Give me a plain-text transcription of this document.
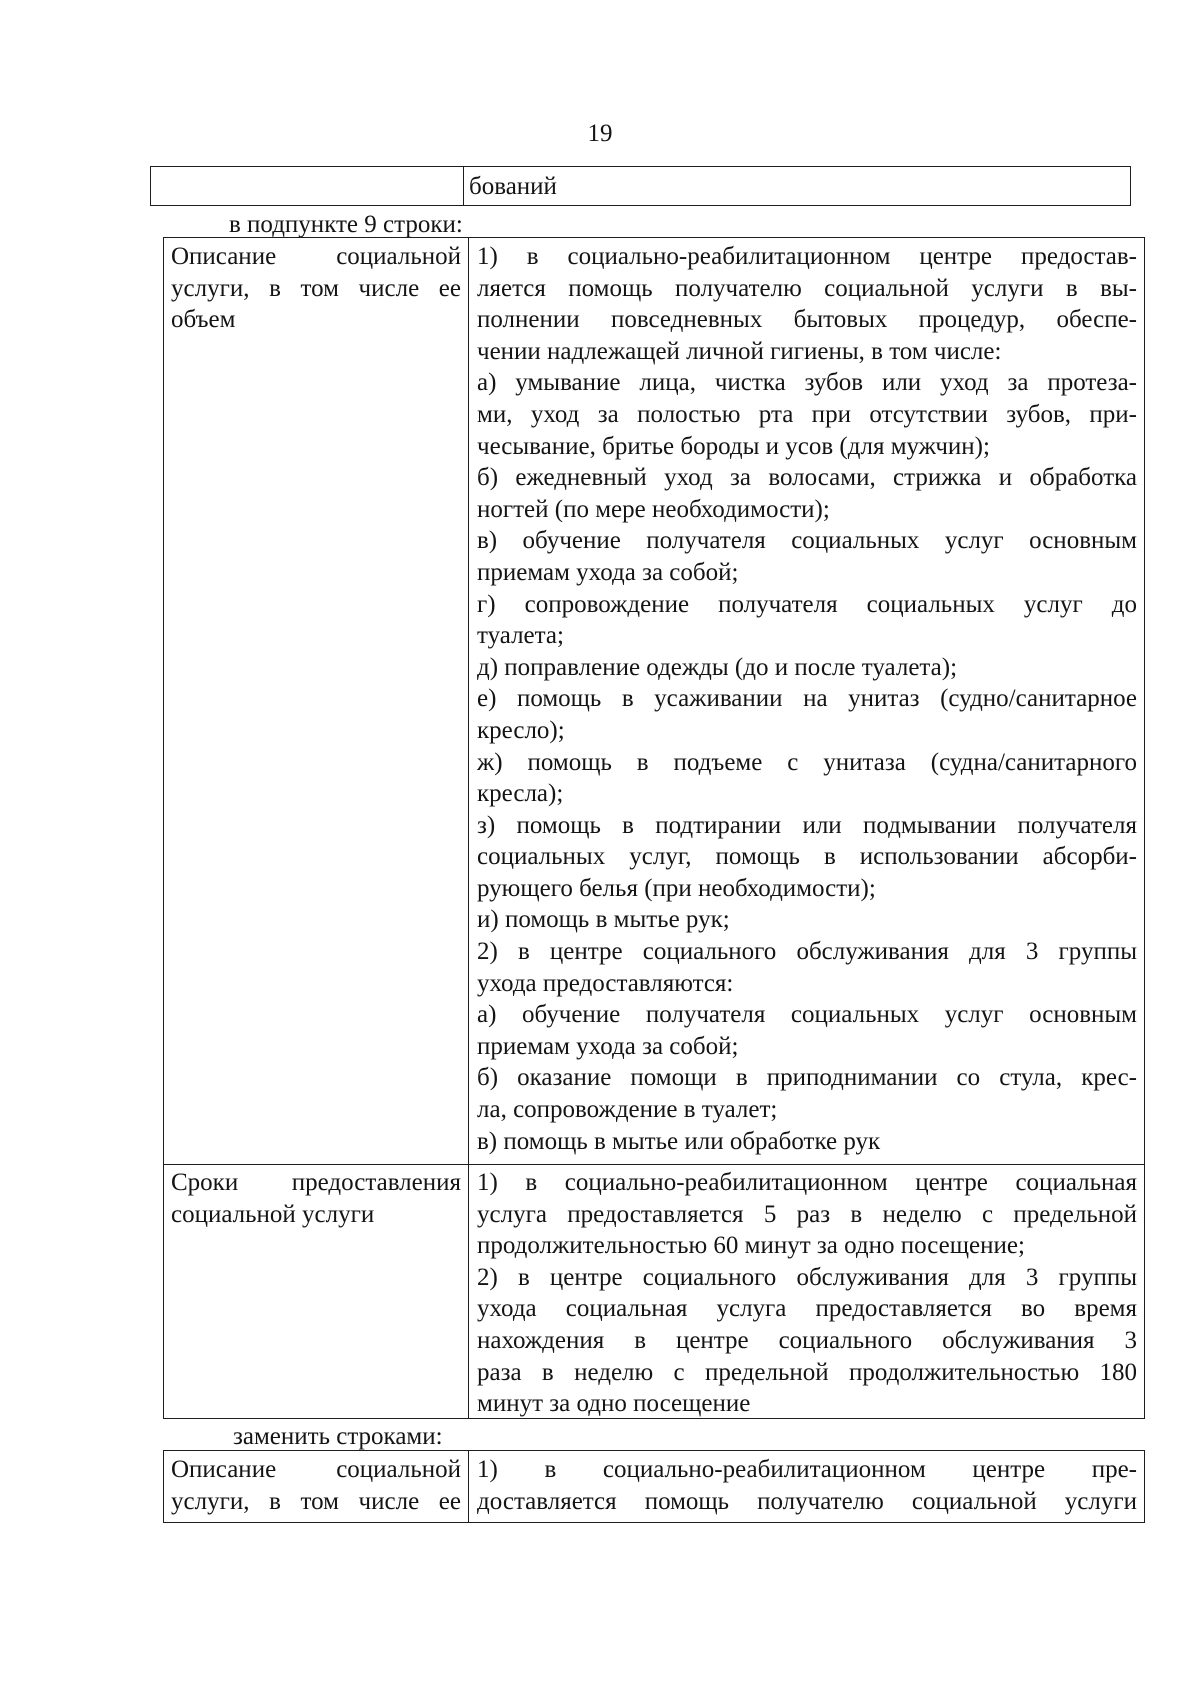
19
бований
в подпункте 9 строки:
Описание социальной
услуги, в том числе ее
объем
1) в социально-реабилитационном центре предостав-
ляется помощь получателю социальной услуги в вы-
полнении повседневных бытовых процедур, обеспе-
чении надлежащей личной гигиены, в том числе:
а) умывание лица, чистка зубов или уход за протеза-
ми, уход за полостью рта при отсутствии зубов, при-
чесывание, бритье бороды и усов (для мужчин);
б) ежедневный уход за волосами, стрижка и обработка
ногтей (по мере необходимости);
в) обучение получателя социальных услуг основным
приемам ухода за собой;
г) сопровождение получателя социальных услуг до
туалета;
д) поправление одежды (до и после туалета);
е) помощь в усаживании на унитаз (судно/санитарное
кресло);
ж) помощь в подъеме с унитаза (судна/санитарного
кресла);
з) помощь в подтирании или подмывании получателя
социальных услуг, помощь в использовании абсорби-
рующего белья (при необходимости);
и) помощь в мытье рук;
2) в центре социального обслуживания для 3 группы
ухода предоставляются:
а) обучение получателя социальных услуг основным
приемам ухода за собой;
б) оказание помощи в приподнимании со стула, крес-
ла, сопровождение в туалет;
в) помощь в мытье или обработке рук
Сроки предоставления
социальной услуги
1) в социально-реабилитационном центре социальная
услуга предоставляется 5 раз в неделю с предельной
продолжительностью 60 минут за одно посещение;
2) в центре социального обслуживания для 3 группы
ухода социальная услуга предоставляется во время
нахождения в центре социального обслуживания 3
раза в неделю с предельной продолжительностью 180
минут за одно посещение
заменить строками:
Описание социальной
услуги, в том числе ее
1) в социально-реабилитационном центре пре-
доставляется помощь получателю социальной услуги
